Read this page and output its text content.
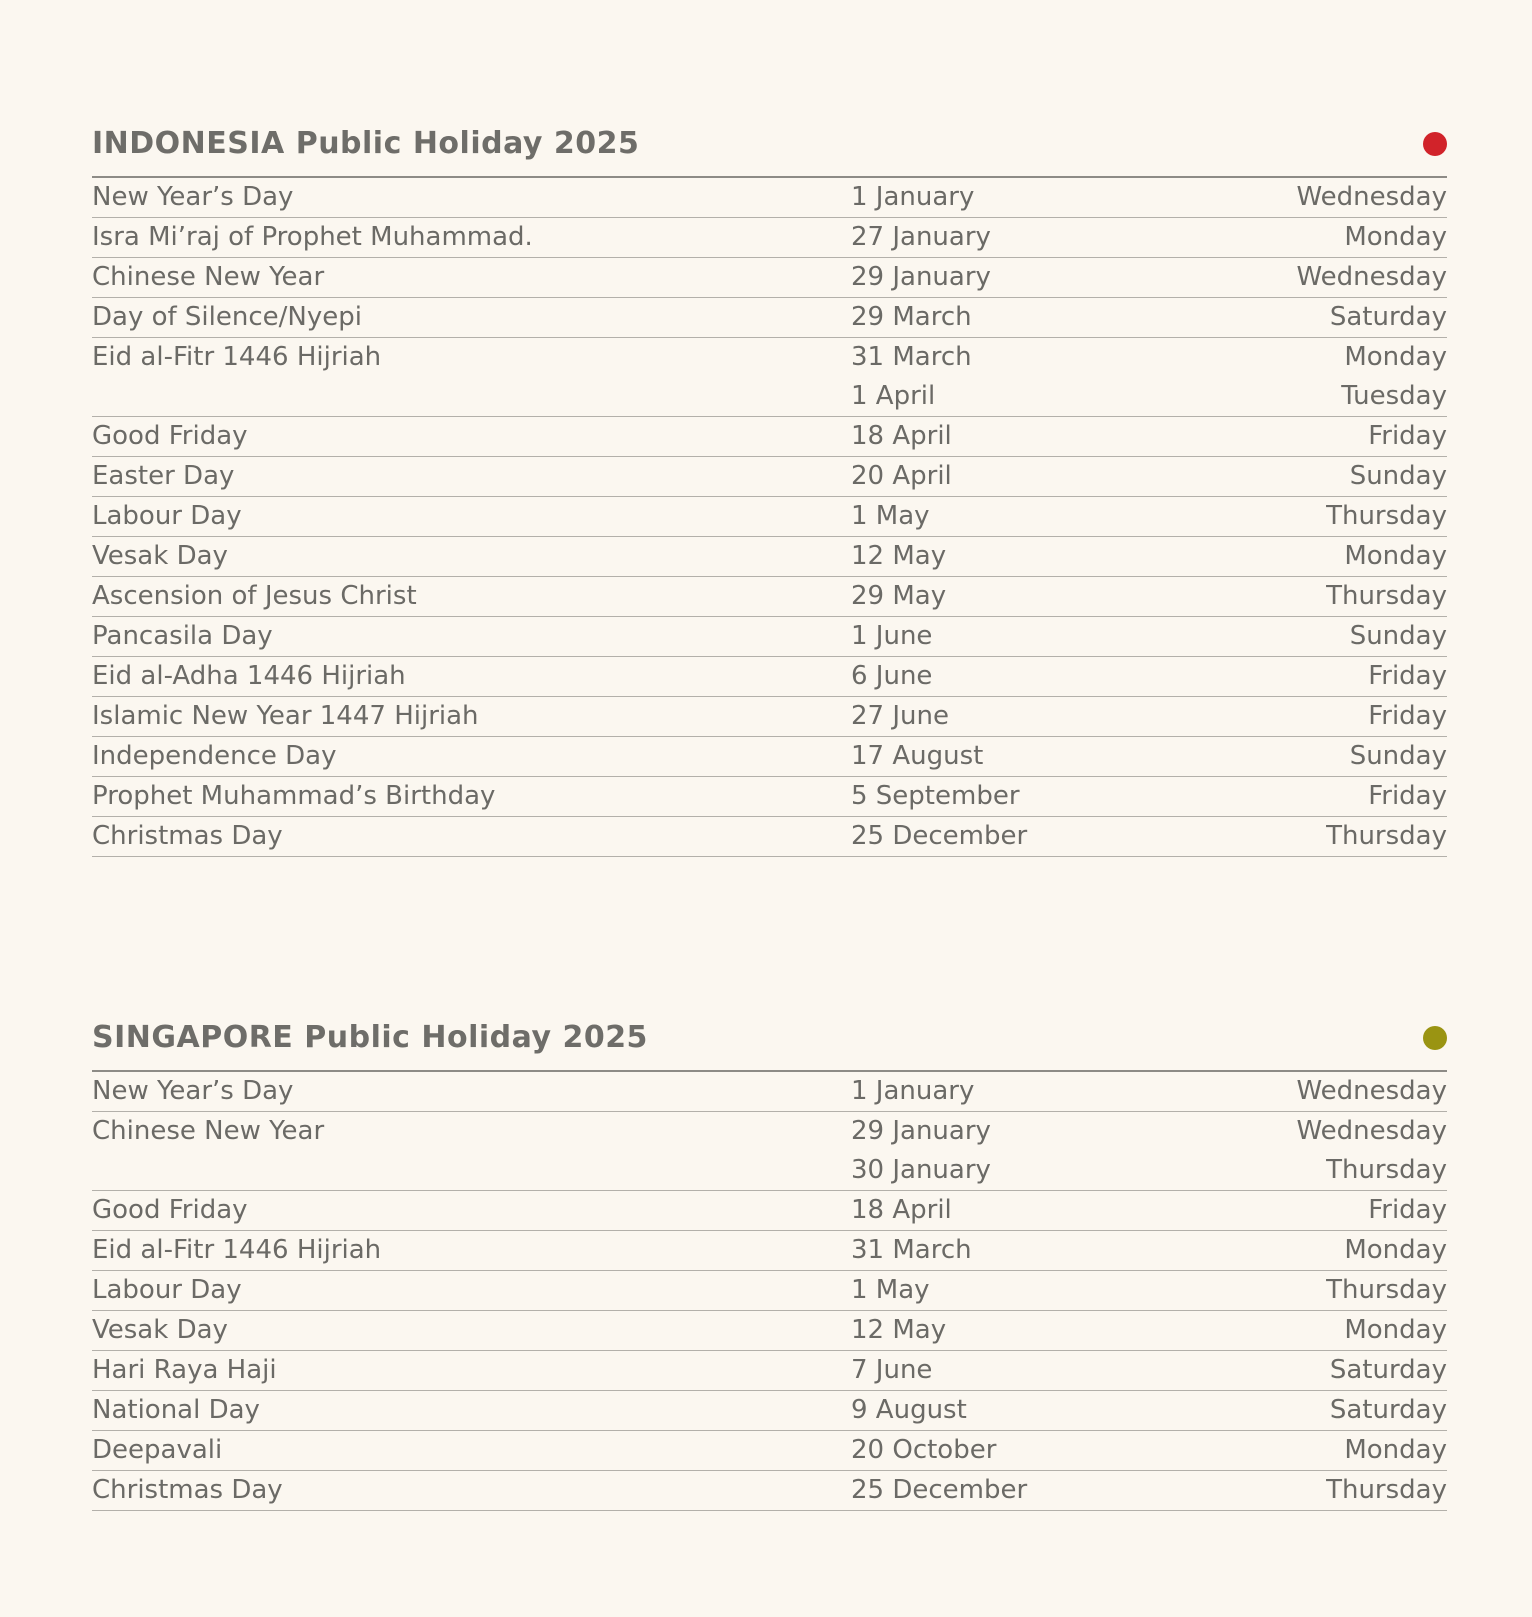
INDONESIA Public Holiday 2025
New Year’s Day	1 January	Wednesday
Isra Mi’raj of Prophet Muhammad.	27 January	Monday
Chinese New Year	29 January	Wednesday
Day of Silence/Nyepi	29 March	Saturday
Eid al-Fitr 1446 Hijriah	31 March	Monday
1 April	Tuesday
Good Friday	18 April	Friday
Easter Day	20 April	Sunday
Labour Day	1 May	Thursday
Vesak Day	12 May	Monday
Ascension of Jesus Christ	29 May	Thursday
Pancasila Day	1 June	Sunday
Eid al-Adha 1446 Hijriah	6 June	Friday
Islamic New Year 1447 Hijriah	27 June	Friday
Independence Day	17 August	Sunday
Prophet Muhammad’s Birthday	5 September	Friday
Christmas Day	25 December	Thursday
SINGAPORE Public Holiday 2025
New Year’s Day	1 January	Wednesday
Chinese New Year	29 January	Wednesday
30 January	Thursday
Good Friday	18 April	Friday
Eid al-Fitr 1446 Hijriah	31 March	Monday
Labour Day	1 May	Thursday
Vesak Day	12 May	Monday
Hari Raya Haji	7 June	Saturday
National Day	9 August	Saturday
Deepavali	20 October	Monday
Christmas Day	25 December	Thursday
